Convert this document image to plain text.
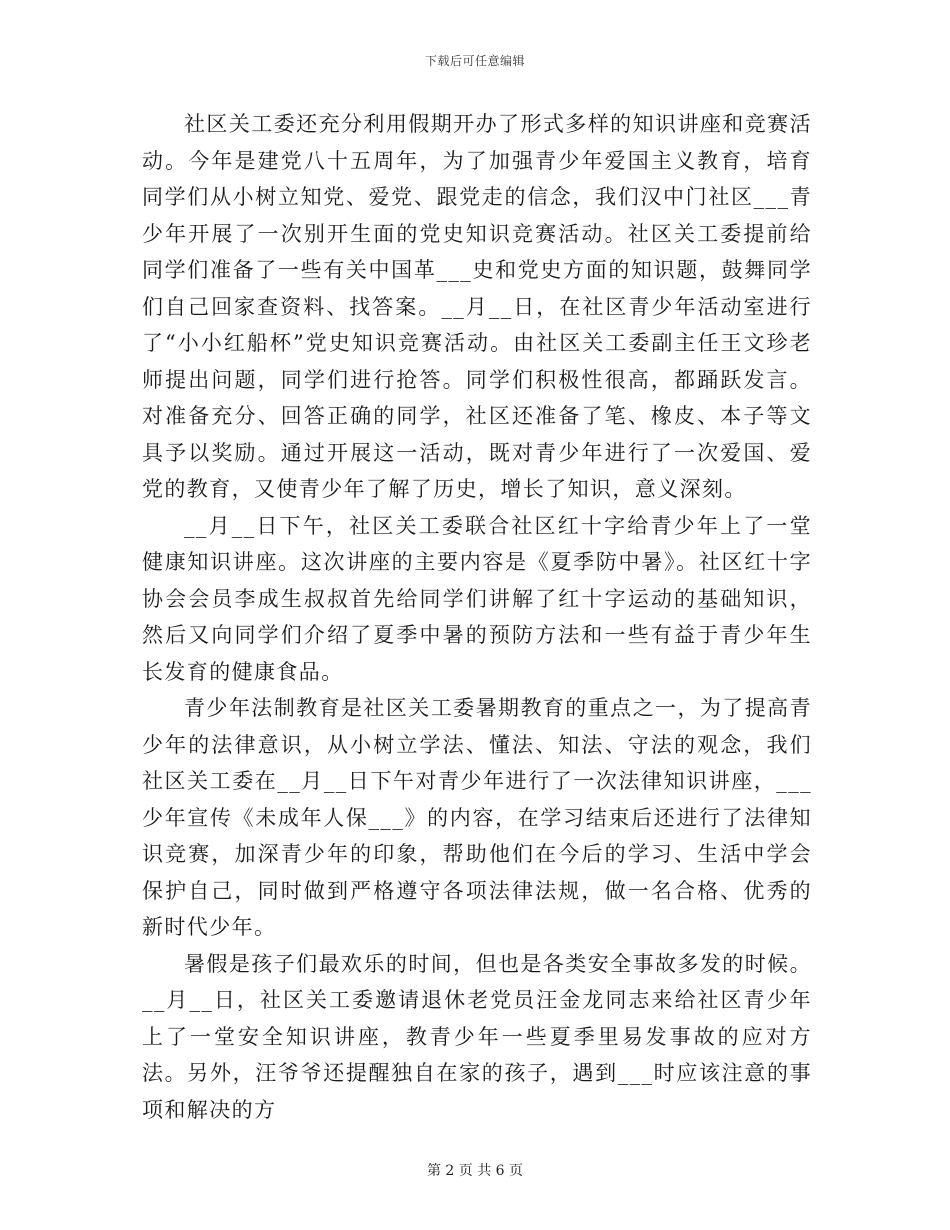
下载后可任意编辑

社区关工委还充分利用假期开办了形式多样的知识讲座和竞赛活动。今年是建党八十五周年，为了加强青少年爱国主义教育，培育同学们从小树立知党、爱党、跟党走的信念，我们汉中门社区___青少年开展了一次别开生面的党史知识竞赛活动。社区关工委提前给同学们准备了一些有关中国革___史和党史方面的知识题，鼓舞同学们自己回家查资料、找答案。__月__日，在社区青少年活动室进行了“小小红船杯”党史知识竞赛活动。由社区关工委副主任王文珍老师提出问题，同学们进行抢答。同学们积极性很高，都踊跃发言。对准备充分、回答正确的同学，社区还准备了笔、橡皮、本子等文具予以奖励。通过开展这一活动，既对青少年进行了一次爱国、爱党的教育，又使青少年了解了历史，增长了知识，意义深刻。

__月__日下午，社区关工委联合社区红十字给青少年上了一堂健康知识讲座。这次讲座的主要内容是《夏季防中暑》。社区红十字协会会员李成生叔叔首先给同学们讲解了红十字运动的基础知识，然后又向同学们介绍了夏季中暑的预防方法和一些有益于青少年生长发育的健康食品。

青少年法制教育是社区关工委暑期教育的重点之一，为了提高青少年的法律意识，从小树立学法、懂法、知法、守法的观念，我们社区关工委在__月__日下午对青少年进行了一次法律知识讲座，___少年宣传《未成年人保___》的内容，在学习结束后还进行了法律知识竞赛，加深青少年的印象，帮助他们在今后的学习、生活中学会保护自己，同时做到严格遵守各项法律法规，做一名合格、优秀的新时代少年。

暑假是孩子们最欢乐的时间，但也是各类安全事故多发的时候。__月__日，社区关工委邀请退休老党员汪金龙同志来给社区青少年上了一堂安全知识讲座，教青少年一些夏季里易发事故的应对方法。另外，汪爷爷还提醒独自在家的孩子，遇到___时应该注意的事项和解决的方

第 2 页 共 6 页
